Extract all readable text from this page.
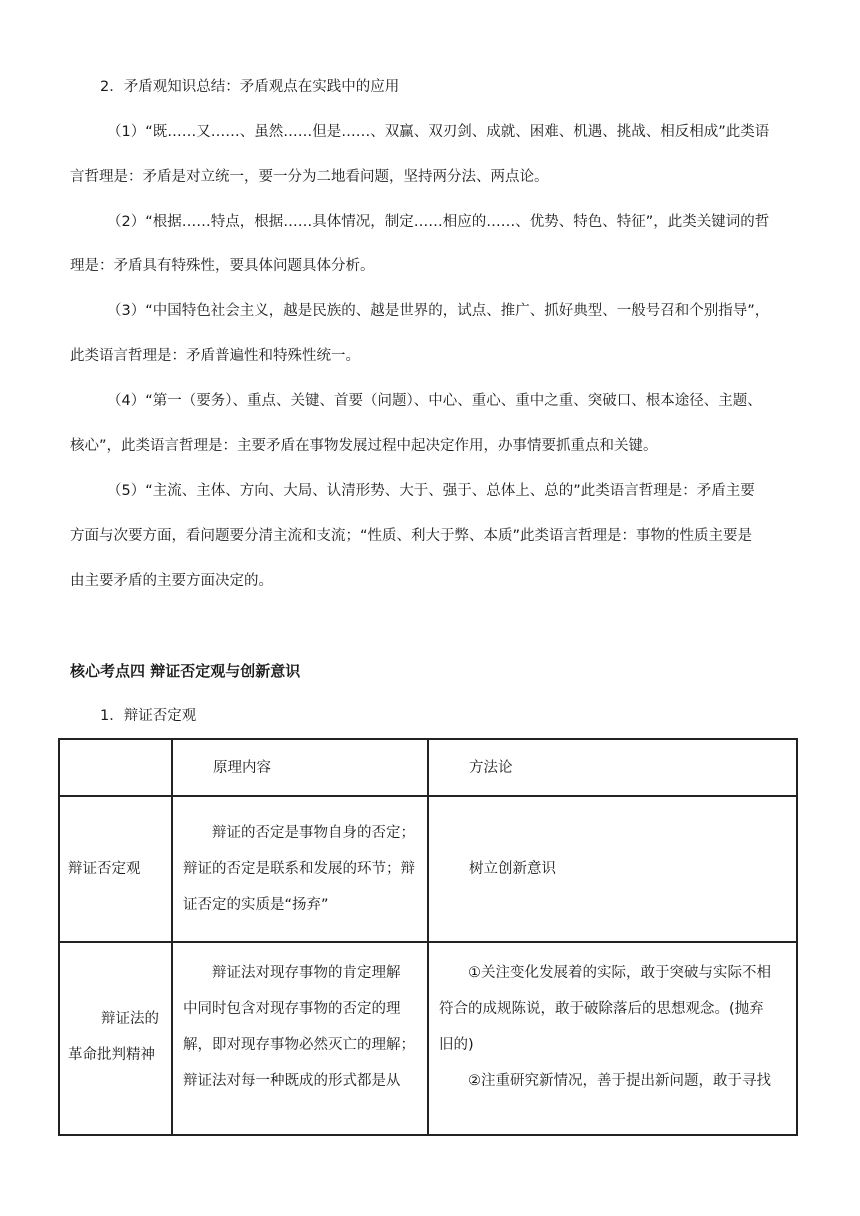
2．矛盾观知识总结：矛盾观点在实践中的应用
（1）“既……又……、虽然……但是……、双赢、双刃剑、成就、困难、机遇、挑战、相反相成”此类语
言哲理是：矛盾是对立统一，要一分为二地看问题，坚持两分法、两点论。
（2）“根据……特点，根据……具体情况，制定……相应的……、优势、特色、特征”，此类关键词的哲
理是：矛盾具有特殊性，要具体问题具体分析。
（3）“中国特色社会主义，越是民族的、越是世界的，试点、推广、抓好典型、一般号召和个别指导”，
此类语言哲理是：矛盾普遍性和特殊性统一。
（4）“第一（要务）、重点、关键、首要（问题）、中心、重心、重中之重、突破口、根本途径、主题、
核心”，此类语言哲理是：主要矛盾在事物发展过程中起决定作用，办事情要抓重点和关键。
（5）“主流、主体、方向、大局、认清形势、大于、强于、总体上、总的”此类语言哲理是：矛盾主要
方面与次要方面，看问题要分清主流和支流；“性质、利大于弊、本质”此类语言哲理是：事物的性质主要是
由主要矛盾的主要方面决定的。
核心考点四 辩证否定观与创新意识
1．辩证否定观
	原理内容	方法论
辩证否定观	辩证的否定是事物自身的否定；
辩证的否定是联系和发展的环节；辩
证否定的实质是“扬弃”	树立创新意识

辩证法的
革命批判精神	辩证法对现存事物的肯定理解
中同时包含对现存事物的否定的理
解，即对现存事物必然灭亡的理解；
辩证法对每一种既成的形式都是从	①关注变化发展着的实际，敢于突破与实际不相
符合的成规陈说，敢于破除落后的思想观念。(抛弃
旧的)
②注重研究新情况，善于提出新问题，敢于寻找
